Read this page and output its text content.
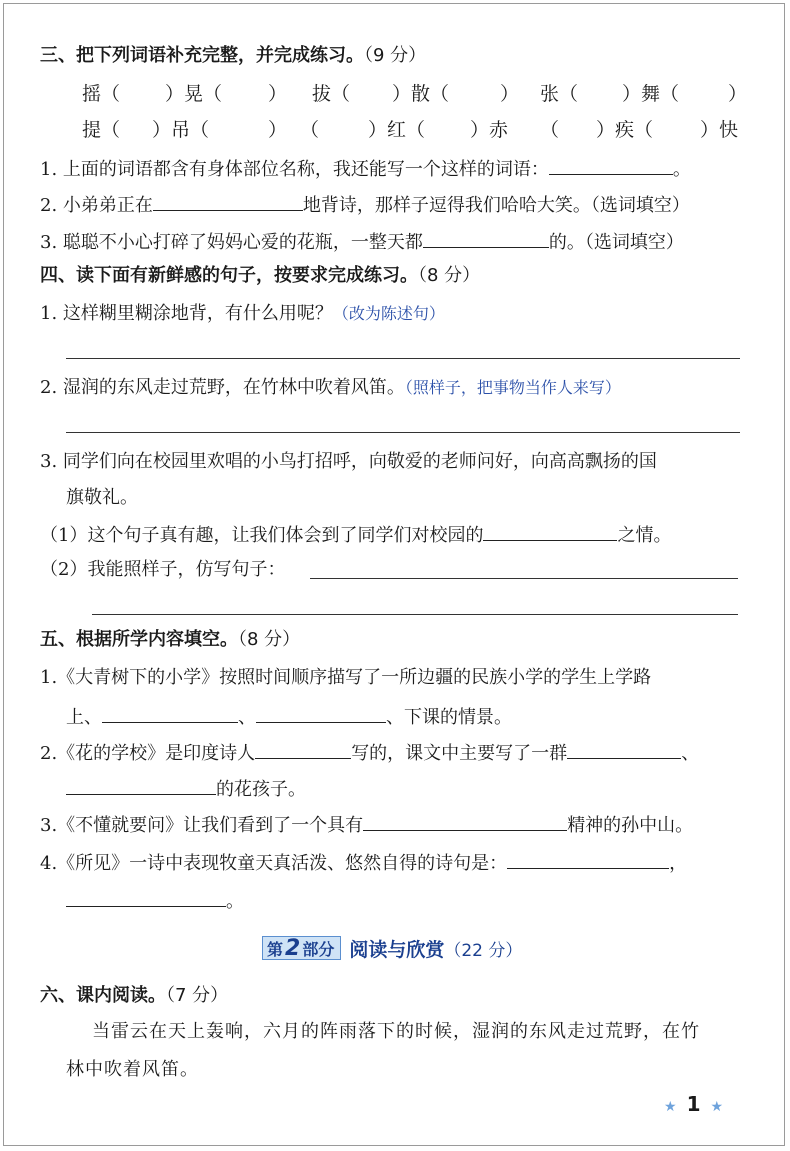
三、把下列词语补充完整，并完成练习。（9 分）
摇（ ）晃（ ） 拔（ ）散（	） 张（ ）舞（	）
提（ ）吊（	） （	）红（ ）赤 （ ）疾（ ）快
1. 上面的词语都含有身体部位名称，我还能写一个这样的词语：	。
2. 小弟弟正在	地背诗，那样子逗得我们哈哈大笑。（选词填空）
3. 聪聪不小心打碎了妈妈心爱的花瓶，一整天都	的。（选词填空）
四、读下面有新鲜感的句子，按要求完成练习。（8 分）
1. 这样糊里糊涂地背，有什么用呢？（改为陈述句）
2. 湿润的东风走过荒野，在竹林中吹着风笛。（照样子，把事物当作人来写）
3. 同学们向在校园里欢唱的小鸟打招呼，向敬爱的老师问好，向高高飘扬的国
旗敬礼。
（1）这个句子真有趣，让我们体会到了同学们对校园的	之情。
（2）我能照样子，仿写句子：
五、根据所学内容填空。（8 分）
1.《大青树下的小学》按照时间顺序描写了一所边疆的民族小学的学生上学路
上、	、	、下课的情景。
2.《花的学校》是印度诗人	写的，课文中主要写了一群	、
的花孩子。
3.《不懂就要问》让我们看到了一个具有	精神的孙中山。
4.《所见》一诗中表现牧童天真活泼、悠然自得的诗句是：	，
。
第 2 部分 阅读与欣赏 （22 分）
六、课内阅读。（7 分）
当雷云在天上轰响，六月的阵雨落下的时候，湿润的东风走过荒野，在竹
林中吹着风笛。
★ 1 ★
